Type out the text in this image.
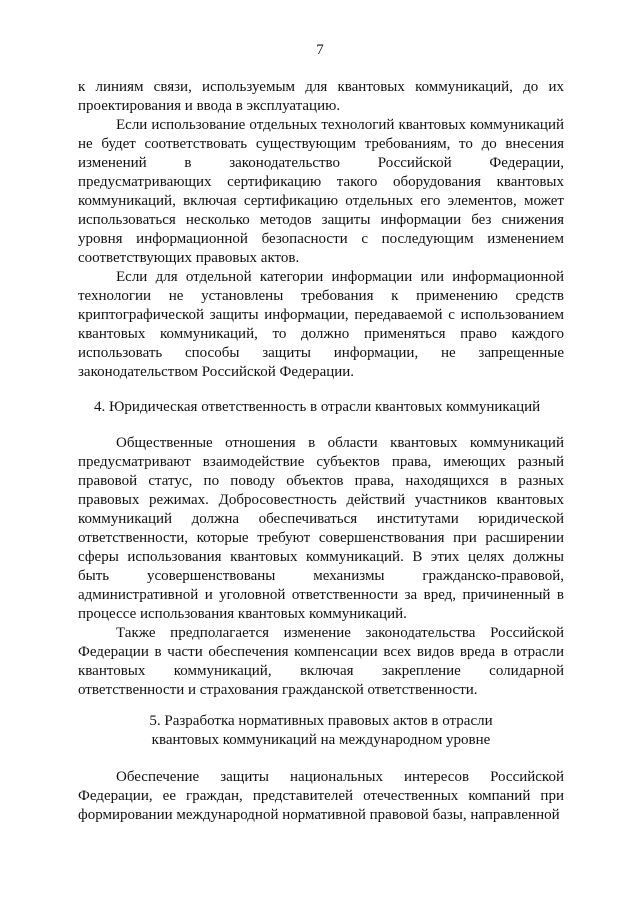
7

к линиям связи, используемым для квантовых коммуникаций, до их проектирования и ввода в эксплуатацию.

Если использование отдельных технологий квантовых коммуникаций не будет соответствовать существующим требованиям, то до внесения изменений в законодательство Российской Федерации, предусматривающих сертификацию такого оборудования квантовых коммуникаций, включая сертификацию отдельных его элементов, может использоваться несколько методов защиты информации без снижения уровня информационной безопасности с последующим изменением соответствующих правовых актов.

Если для отдельной категории информации или информационной технологии не установлены требования к применению средств криптографической защиты информации, передаваемой с использованием квантовых коммуникаций, то должно применяться право каждого использовать способы защиты информации, не запрещенные законодательством Российской Федерации.

4. Юридическая ответственность в отрасли квантовых коммуникаций

Общественные отношения в области квантовых коммуникаций предусматривают взаимодействие субъектов права, имеющих разный правовой статус, по поводу объектов права, находящихся в разных правовых режимах. Добросовестность действий участников квантовых коммуникаций должна обеспечиваться институтами юридической ответственности, которые требуют совершенствования при расширении сферы использования квантовых коммуникаций. В этих целях должны быть усовершенствованы механизмы гражданско-правовой, административной и уголовной ответственности за вред, причиненный в процессе использования квантовых коммуникаций.

Также предполагается изменение законодательства Российской Федерации в части обеспечения компенсации всех видов вреда в отрасли квантовых коммуникаций, включая закрепление солидарной ответственности и страхования гражданской ответственности.

5. Разработка нормативных правовых актов в отрасли
квантовых коммуникаций на международном уровне

Обеспечение защиты национальных интересов Российской Федерации, ее граждан, представителей отечественных компаний при формировании международной нормативной правовой базы, направленной
